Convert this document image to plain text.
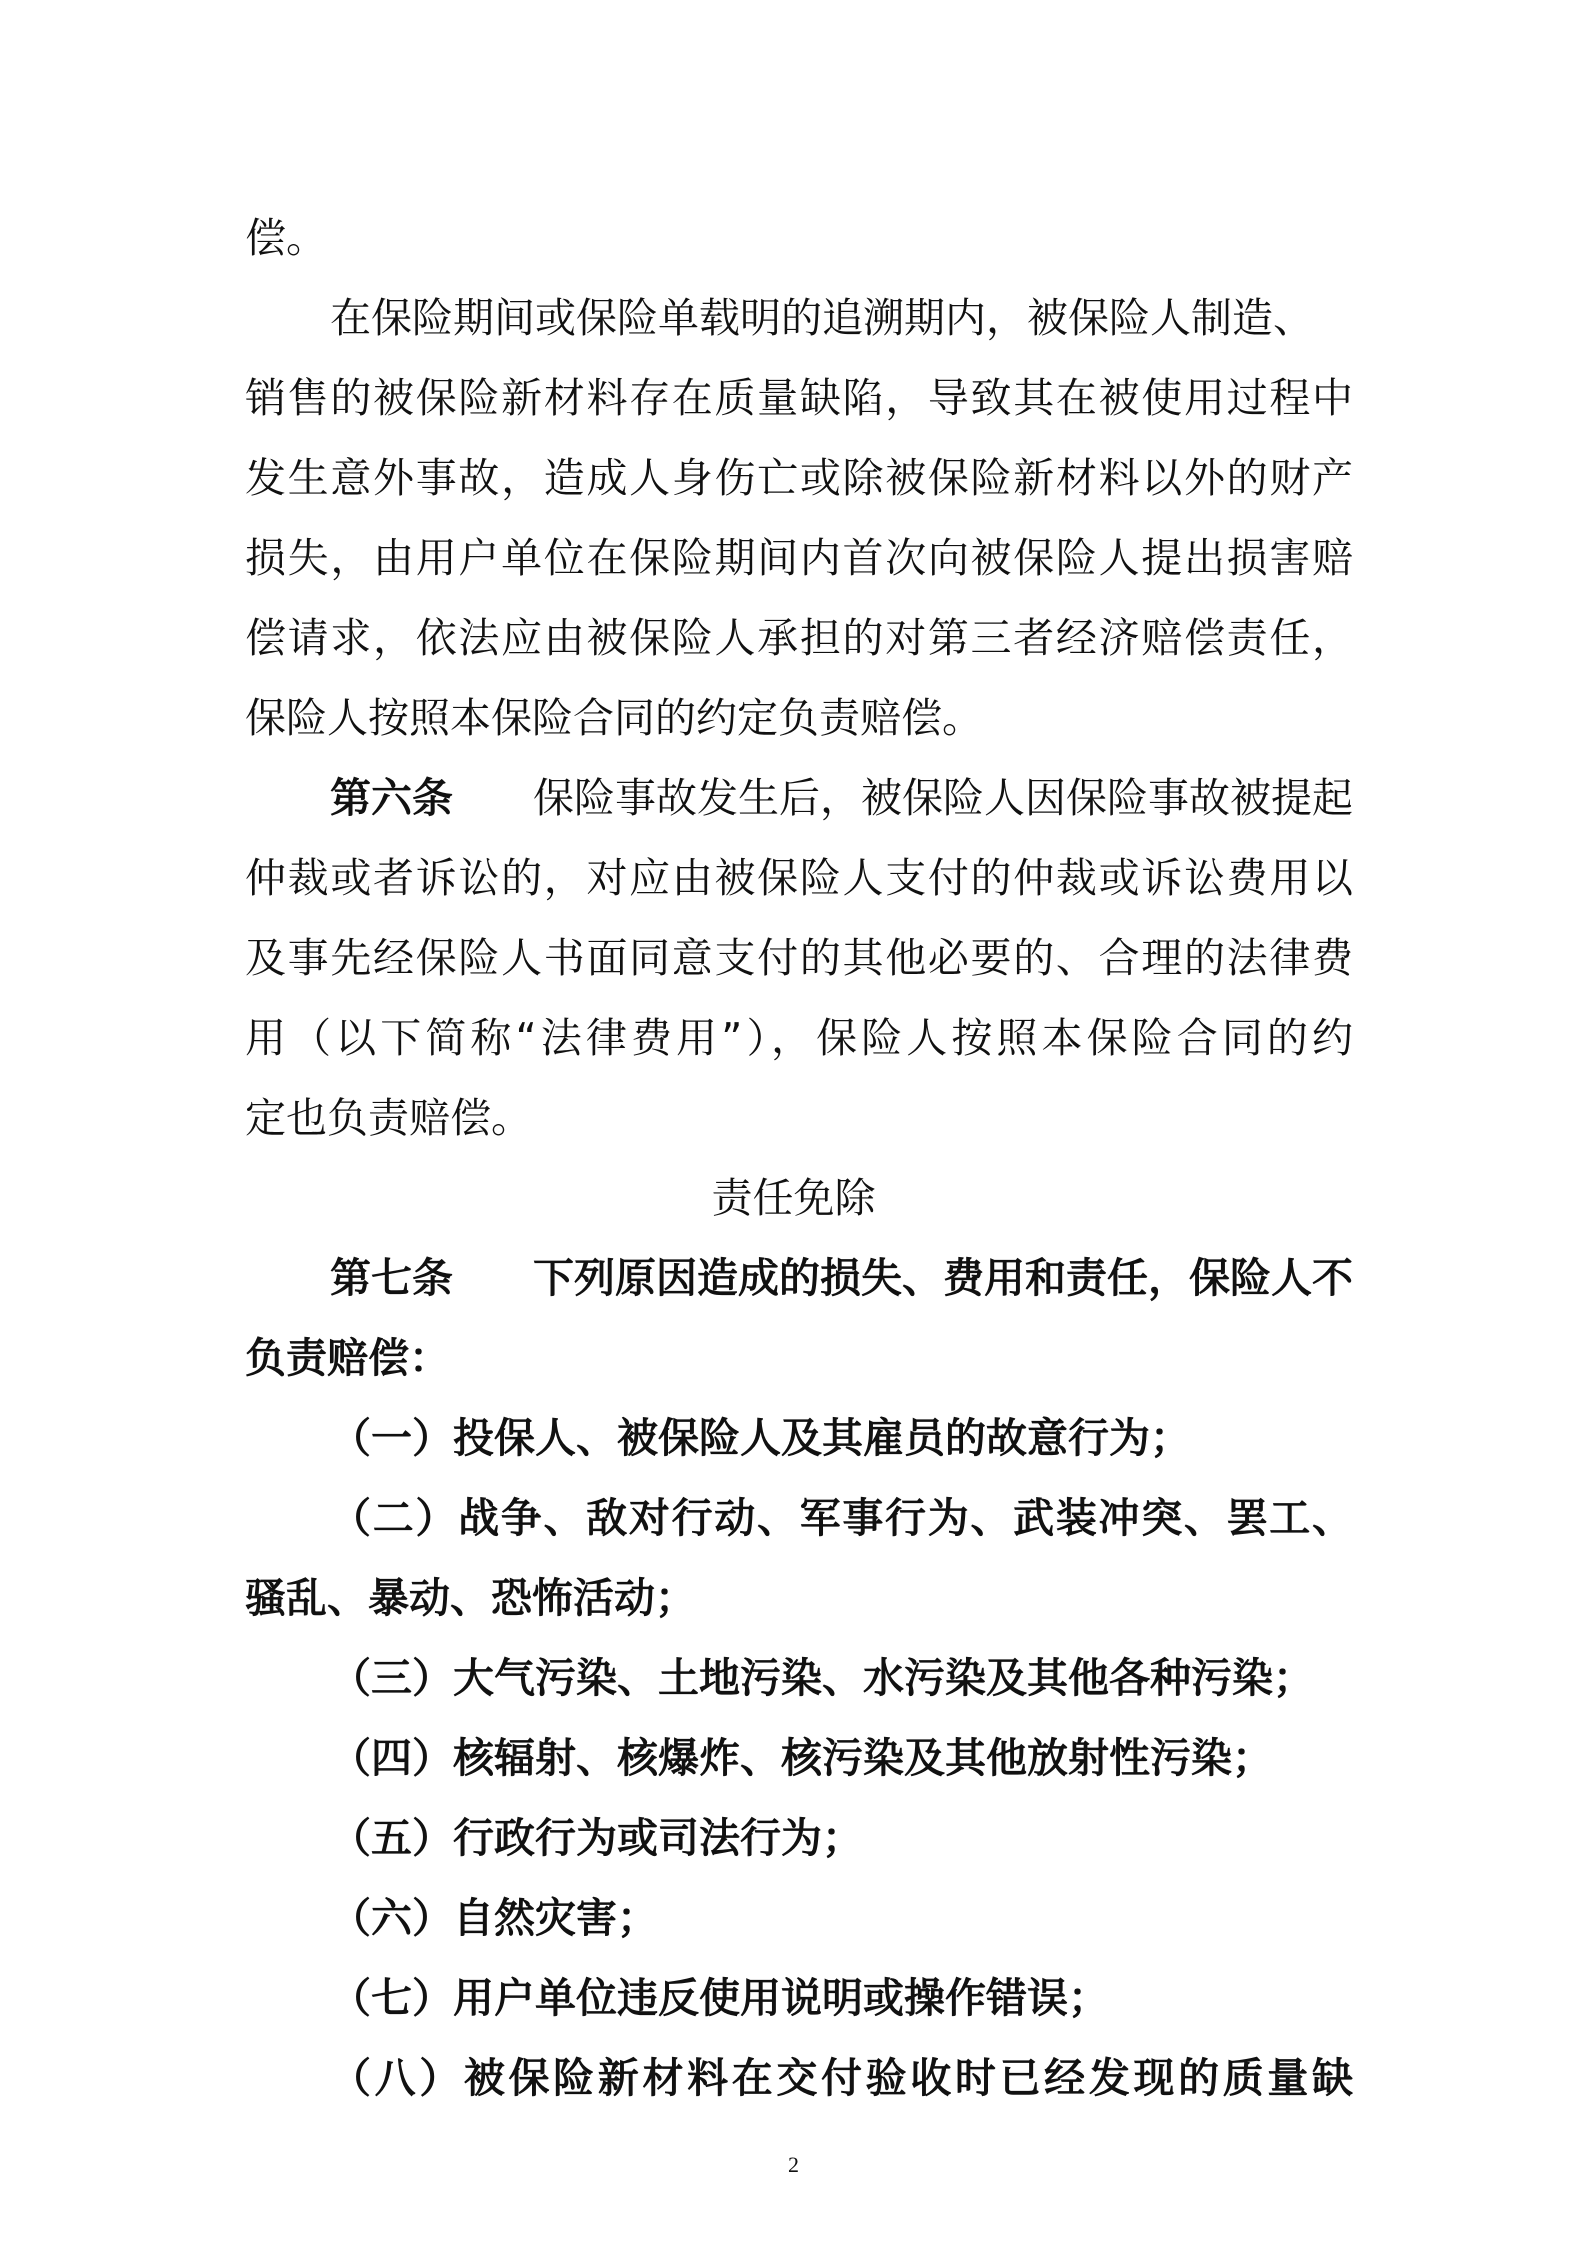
偿。
在保险期间或保险单载明的追溯期内，被保险人制造、
销售的被保险新材料存在质量缺陷，导致其在被使用过程中
发生意外事故，造成人身伤亡或除被保险新材料以外的财产
损失，由用户单位在保险期间内首次向被保险人提出损害赔
偿请求，依法应由被保险人承担的对第三者经济赔偿责任，
保险人按照本保险合同的约定负责赔偿。
第六条 保险事故发生后，被保险人因保险事故被提起
仲裁或者诉讼的，对应由被保险人支付的仲裁或诉讼费用以
及事先经保险人书面同意支付的其他必要的、合理的法律费
用（以下简称“法律费用”），保险人按照本保险合同的约
定也负责赔偿。
责任免除
第七条 下列原因造成的损失、费用和责任，保险人不
负责赔偿：
（一）投保人、被保险人及其雇员的故意行为；
（二）战争、敌对行动、军事行为、武装冲突、罢工、
骚乱、暴动、恐怖活动；
（三）大气污染、土地污染、水污染及其他各种污染；
（四）核辐射、核爆炸、核污染及其他放射性污染；
（五）行政行为或司法行为；
（六）自然灾害；
（七）用户单位违反使用说明或操作错误；
（八）被保险新材料在交付验收时已经发现的质量缺
2
